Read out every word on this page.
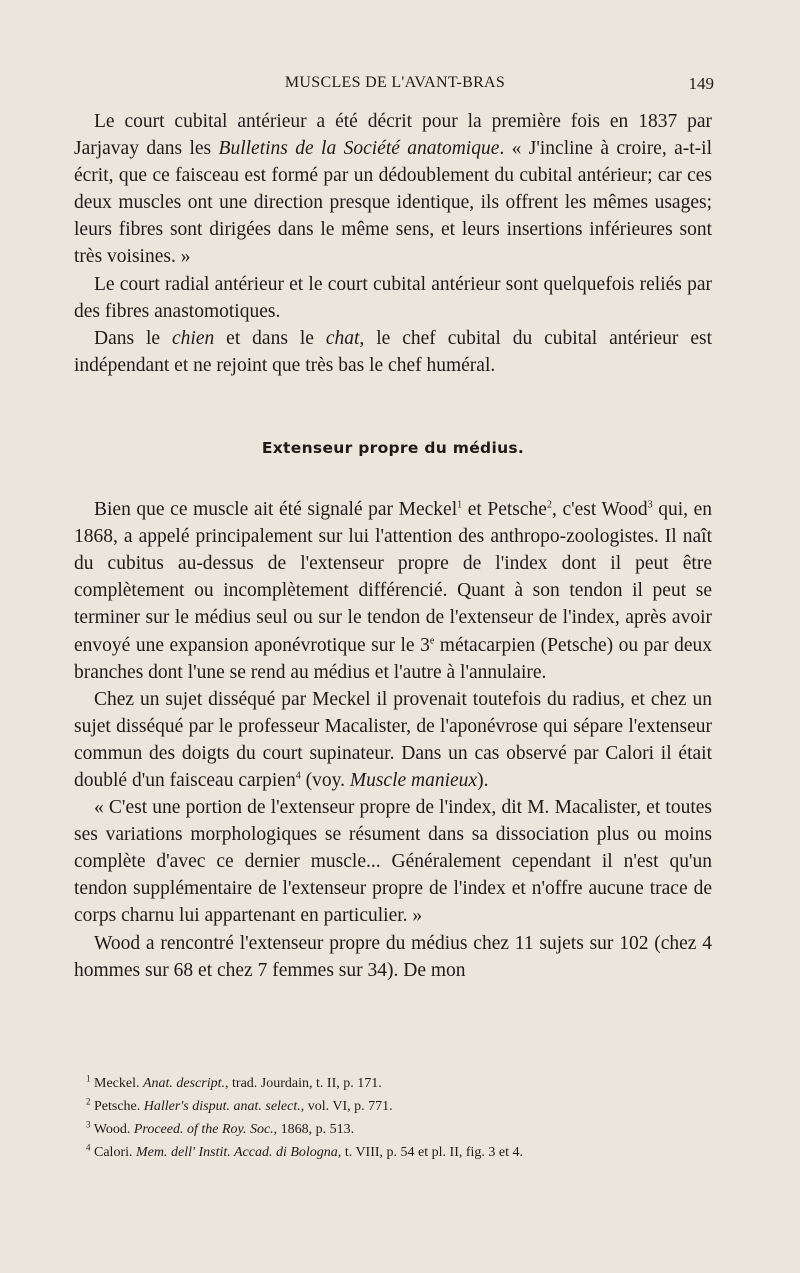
MUSCLES DE L'AVANT-BRAS	149

Le court cubital antérieur a été décrit pour la première fois en 1837 par Jarjavay dans les Bulletins de la Société anatomique. « J'incline à croire, a-t-il écrit, que ce faisceau est formé par un dédoublement du cubital antérieur; car ces deux muscles ont une direction presque identique, ils offrent les mêmes usages; leurs fibres sont dirigées dans le même sens, et leurs insertions inférieures sont très voisines. »

Le court radial antérieur et le court cubital antérieur sont quelquefois reliés par des fibres anastomotiques.

Dans le chien et dans le chat, le chef cubital du cubital antérieur est indépendant et ne rejoint que très bas le chef huméral.

Extenseur propre du médius.

Bien que ce muscle ait été signalé par Meckel$^1$ et Petsche$^2$, c'est Wood$^3$ qui, en 1868, a appelé principalement sur lui l'attention des anthropo-zoologistes. Il naît du cubitus au-dessus de l'extenseur propre de l'index dont il peut être complètement ou incomplètement différencié. Quant à son tendon il peut se terminer sur le médius seul ou sur le tendon de l'extenseur de l'index, après avoir envoyé une expansion aponévrotique sur le 3e métacarpien (Petsche) ou par deux branches dont l'une se rend au médius et l'autre à l'annulaire.

Chez un sujet disséqué par Meckel il provenait toutefois du radius, et chez un sujet disséqué par le professeur Macalister, de l'aponévrose qui sépare l'extenseur commun des doigts du court supinateur. Dans un cas observé par Calori il était doublé d'un faisceau carpien$^4$ (voy. Muscle manieux).

« C'est une portion de l'extenseur propre de l'index, dit M. Macalister, et toutes ses variations morphologiques se résument dans sa dissociation plus ou moins complète d'avec ce dernier muscle... Généralement cependant il n'est qu'un tendon supplémentaire de l'extenseur propre de l'index et n'offre aucune trace de corps charnu lui appartenant en particulier. »

Wood a rencontré l'extenseur propre du médius chez 11 sujets sur 102 (chez 4 hommes sur 68 et chez 7 femmes sur 34). De mon

$^1$ Meckel. Anat. descript., trad. Jourdain, t. II, p. 171.
$^2$ Petsche. Haller's disput. anat. select., vol. VI, p. 771.
$^3$ Wood. Proceed. of the Roy. Soc., 1868, p. 513.
$^4$ Calori. Mem. dell' Instit. Accad. di Bologna, t. VIII, p. 54 et pl. II, fig. 3 et 4.
